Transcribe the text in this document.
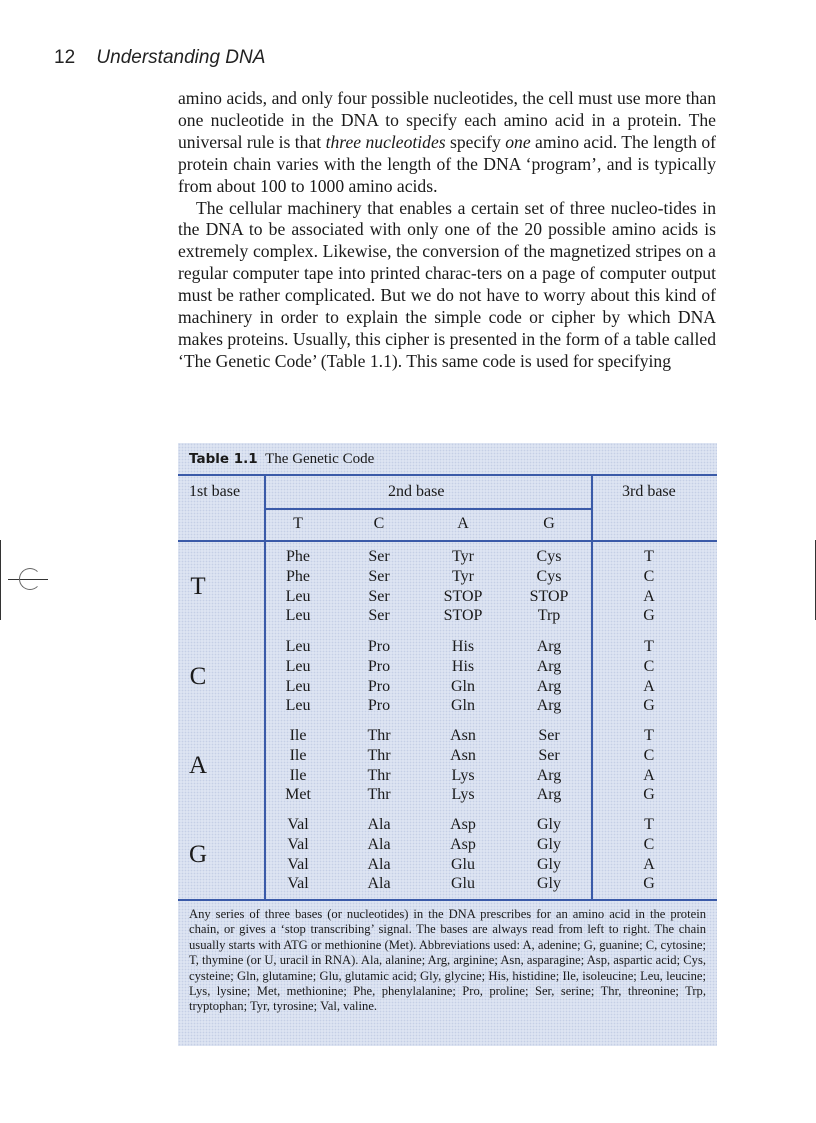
12 Understanding DNA

amino acids, and only four possible nucleotides, the cell must use more than one nucleotide in the DNA to specify each amino acid in a protein. The universal rule is that three nucleotides specify one amino acid. The length of protein chain varies with the length of the DNA ‘program’, and is typically from about 100 to 1000 amino acids.

The cellular machinery that enables a certain set of three nucleo-tides in the DNA to be associated with only one of the 20 possible amino acids is extremely complex. Likewise, the conversion of the magnetized stripes on a regular computer tape into printed charac-ters on a page of computer output must be rather complicated. But we do not have to worry about this kind of machinery in order to explain the simple code or cipher by which DNA makes proteins. Usually, this cipher is presented in the form of a table called ‘The Genetic Code’ (Table 1.1). This same code is used for specifying

Table 1.1 The Genetic Code
1st base	2nd base	3rd base
T	C	A	G
T
Phe	Ser	Tyr	Cys	T
Phe	Ser	Tyr	Cys	C
Leu	Ser	STOP	STOP	A
Leu	Ser	STOP	Trp	G
C
Leu	Pro	His	Arg	T
Leu	Pro	His	Arg	C
Leu	Pro	Gln	Arg	A
Leu	Pro	Gln	Arg	G
A
Ile	Thr	Asn	Ser	T
Ile	Thr	Asn	Ser	C
Ile	Thr	Lys	Arg	A
Met	Thr	Lys	Arg	G
G
Val	Ala	Asp	Gly	T
Val	Ala	Asp	Gly	C
Val	Ala	Glu	Gly	A
Val	Ala	Glu	Gly	G
Any series of three bases (or nucleotides) in the DNA prescribes for an amino acid in the protein chain, or gives a ‘stop transcribing’ signal. The bases are always read from left to right. The chain usually starts with ATG or methionine (Met). Abbreviations used: A, adenine; G, guanine; C, cytosine; T, thymine (or U, uracil in RNA). Ala, alanine; Arg, arginine; Asn, asparagine; Asp, aspartic acid; Cys, cysteine; Gln, glutamine; Glu, glutamic acid; Gly, glycine; His, histidine; Ile, isoleucine; Leu, leucine; Lys, lysine; Met, methionine; Phe, phenylalanine; Pro, proline; Ser, serine; Thr, threonine; Trp, tryptophan; Tyr, tyrosine; Val, valine.
